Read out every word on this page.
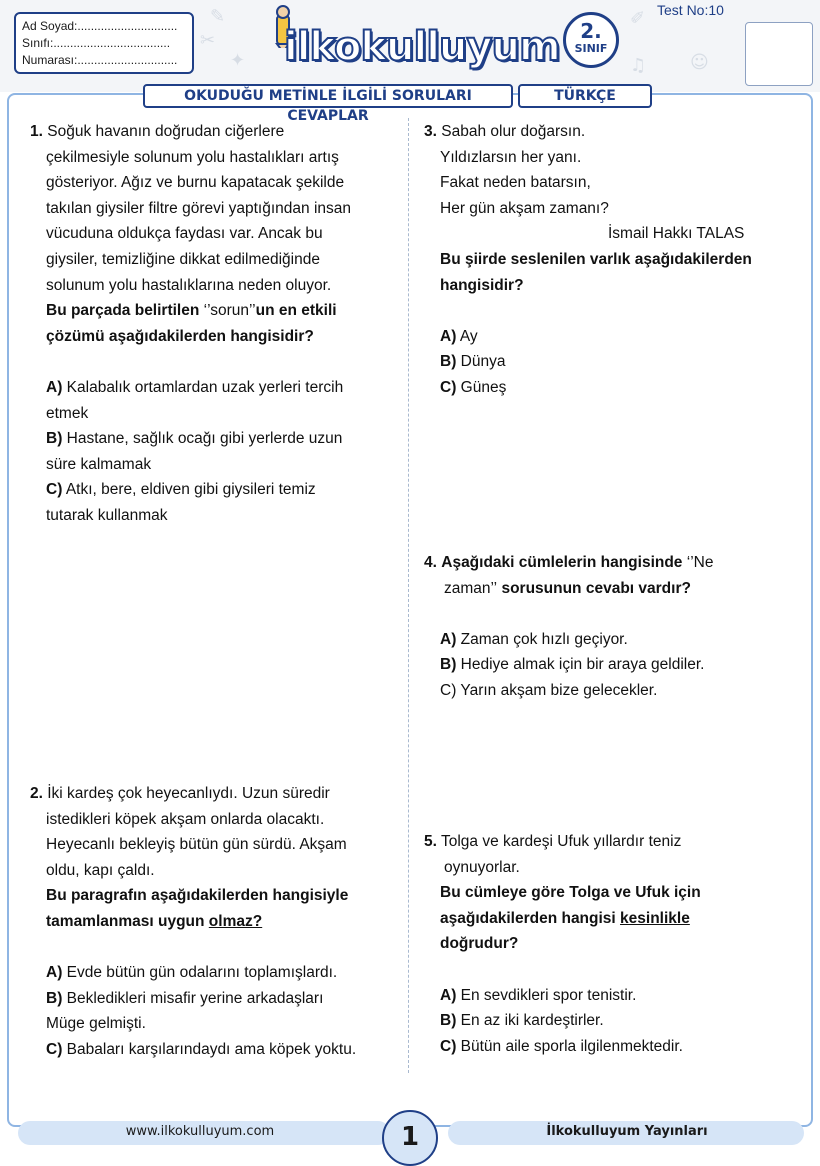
✎
✦
✐
☺
✂
♫
Ad Soyad:..............................
Sınıfı:...................................
Numarası:..............................	ilkokulluyum	2.
SINIF
Test No:10
OKUDUĞU METİNLE İLGİLİ SORULARI CEVAPLAR
TÜRKÇE

1. Soğuk havanın doğrudan ciğerlere

çekilmesiyle solunum yolu hastalıkları artış

gösteriyor. Ağız ve burnu kapatacak şekilde

takılan giysiler filtre görevi yaptığından insan

vücuduna oldukça faydası var. Ancak bu

giysiler, temizliğine dikkat edilmediğinde

solunum yolu hastalıklarına neden oluyor.

Bu parçada belirtilen ‘’sorun’’un en etkili

çözümü aşağıdakilerden hangisidir?

A) Kalabalık ortamlardan uzak yerleri tercih

etmek

B) Hastane, sağlık ocağı gibi yerlerde uzun

süre kalmamak

C) Atkı, bere, eldiven gibi giysileri temiz

tutarak kullanmak

2. İki kardeş çok heyecanlıydı. Uzun süredir

istedikleri köpek akşam onlarda olacaktı.

Heyecanlı bekleyiş bütün gün sürdü. Akşam

oldu, kapı çaldı.

Bu paragrafın aşağıdakilerden hangisiyle

tamamlanması uygun olmaz?

A) Evde bütün gün odalarını toplamışlardı.

B) Bekledikleri misafir yerine arkadaşları

Müge gelmişti.

C) Babaları karşılarındaydı ama köpek yoktu.

3. Sabah olur doğarsın.

Yıldızlarsın her yanı.

Fakat neden batarsın,

Her gün akşam zamanı?

İsmail Hakkı TALAS

Bu şiirde seslenilen varlık aşağıdakilerden

hangisidir?

A) Ay

B) Dünya

C) Güneş

4. Aşağıdaki cümlelerin hangisinde ‘’Ne

zaman’’ sorusunun cevabı vardır?

A) Zaman çok hızlı geçiyor.

B) Hediye almak için bir araya geldiler.

C) Yarın akşam bize gelecekler.

5. Tolga ve kardeşi Ufuk yıllardır teniz

oynuyorlar.

Bu cümleye göre Tolga ve Ufuk için

aşağıdakilerden hangisi kesinlikle

doğrudur?

A) En sevdikleri spor tenistir.

B) En az iki kardeştirler.

C) Bütün aile sporla ilgilenmektedir.

www.ilkokulluyum.com	İlkokulluyum Yayınları
1
